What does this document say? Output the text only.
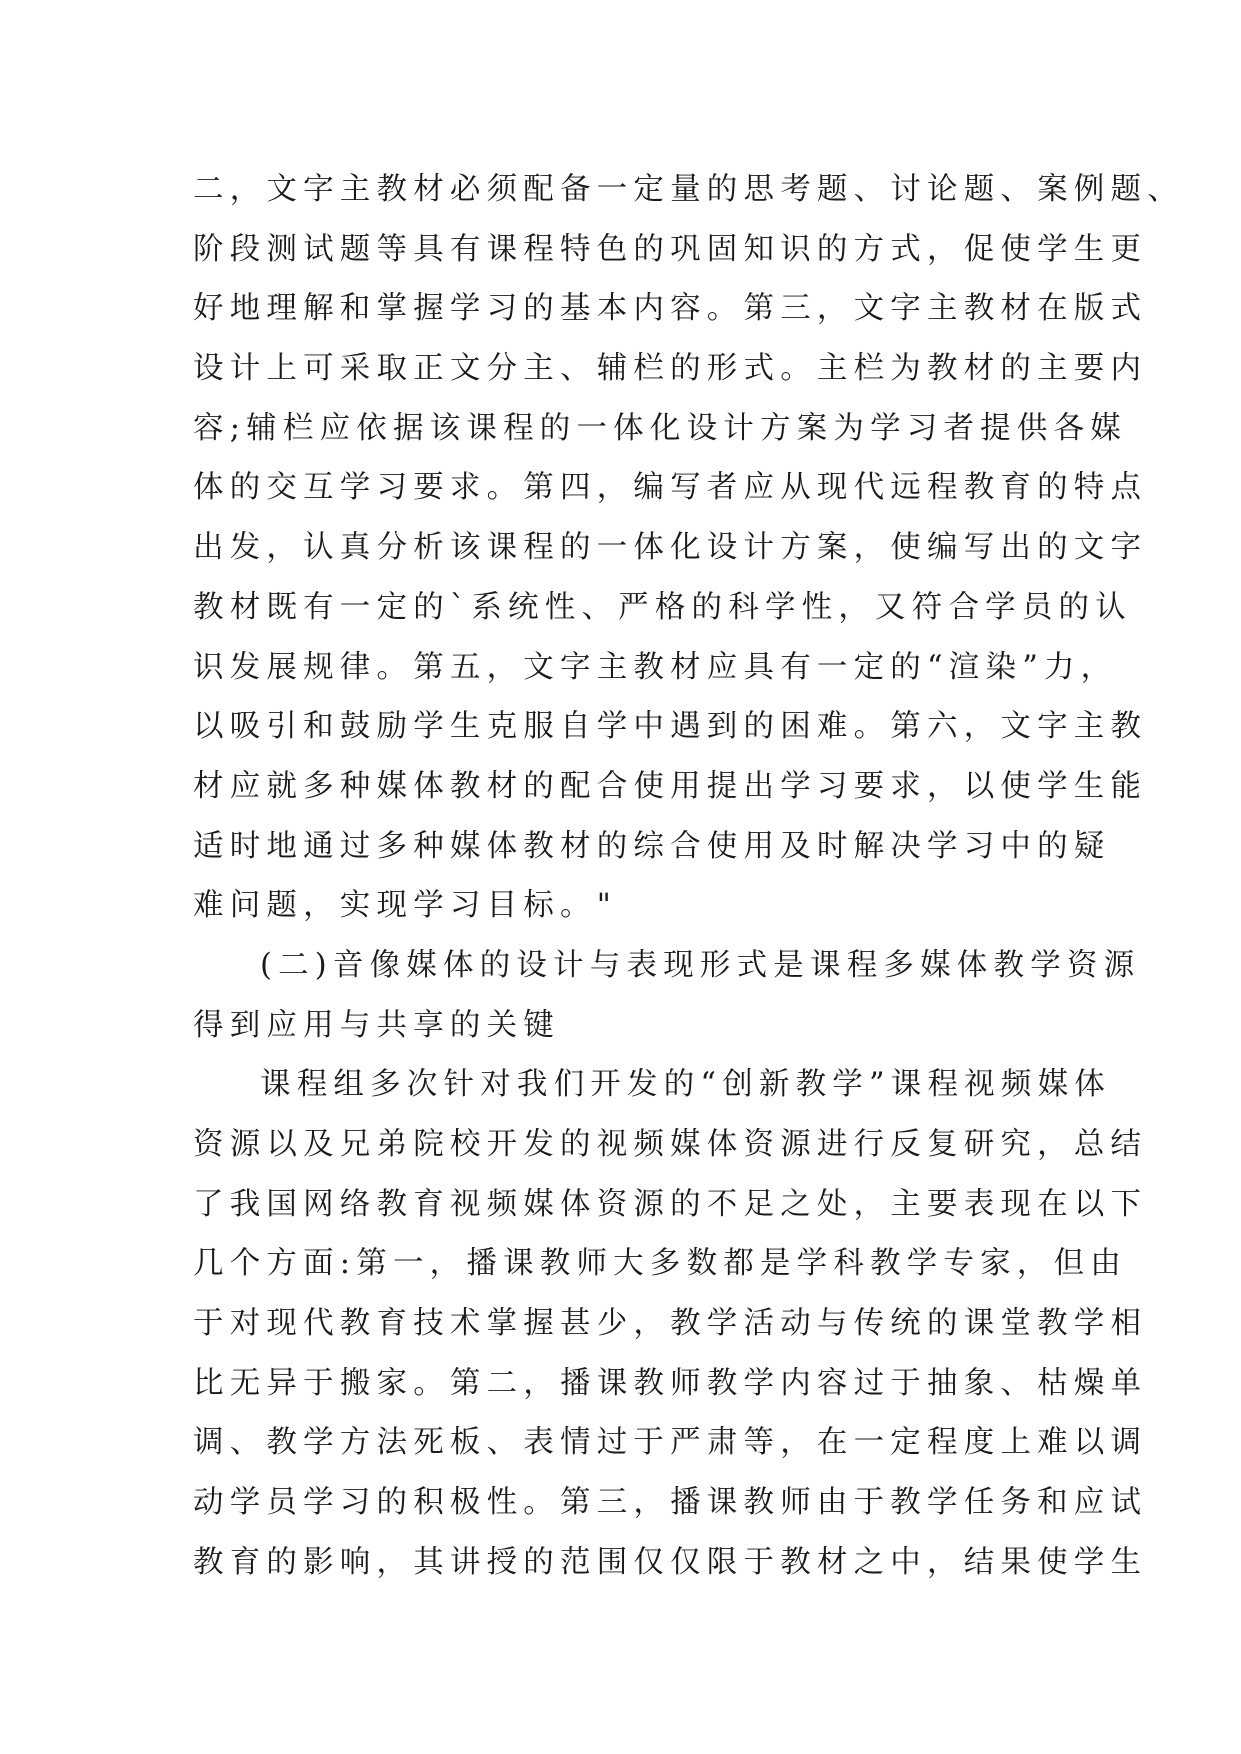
二，文字主教材必须配备一定量的思考题、讨论题、案例题、
阶段测试题等具有课程特色的巩固知识的方式，促使学生更
好地理解和掌握学习的基本内容。第三，文字主教材在版式
设计上可采取正文分主、辅栏的形式。主栏为教材的主要内
容;辅栏应依据该课程的一体化设计方案为学习者提供各媒
体的交互学习要求。第四，编写者应从现代远程教育的特点
出发，认真分析该课程的一体化设计方案，使编写出的文字
教材既有一定的`系统性、严格的科学性，又符合学员的认
识发展规律。第五，文字主教材应具有一定的“渲染”力，
以吸引和鼓励学生克服自学中遇到的困难。第六，文字主教
材应就多种媒体教材的配合使用提出学习要求，以使学生能
适时地通过多种媒体教材的综合使用及时解决学习中的疑
难问题，实现学习目标。"
(二)音像媒体的设计与表现形式是课程多媒体教学资源
得到应用与共享的关键
课程组多次针对我们开发的“创新教学”课程视频媒体
资源以及兄弟院校开发的视频媒体资源进行反复研究，总结
了我国网络教育视频媒体资源的不足之处，主要表现在以下
几个方面:第一，播课教师大多数都是学科教学专家，但由
于对现代教育技术掌握甚少，教学活动与传统的课堂教学相
比无异于搬家。第二，播课教师教学内容过于抽象、枯燥单
调、教学方法死板、表情过于严肃等，在一定程度上难以调
动学员学习的积极性。第三，播课教师由于教学任务和应试
教育的影响，其讲授的范围仅仅限于教材之中，结果使学生
